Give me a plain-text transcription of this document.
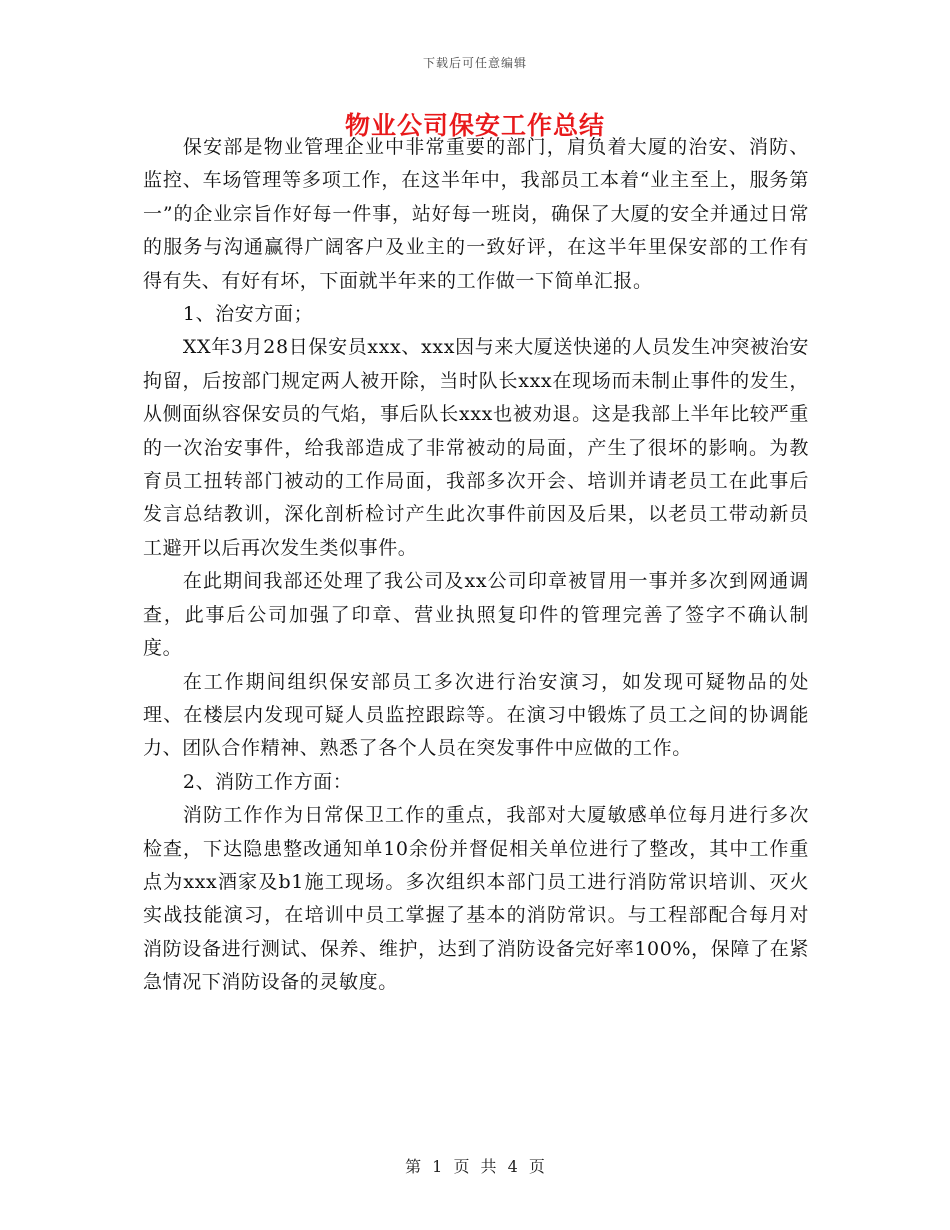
下载后可任意编辑
物业公司保安工作总结

保安部是物业管理企业中非常重要的部门，肩负着大厦的治安、消防、监控、车场管理等多项工作，在这半年中，我部员工本着“业主至上，服务第一”的企业宗旨作好每一件事，站好每一班岗，确保了大厦的安全并通过日常的服务与沟通赢得广阔客户及业主的一致好评，在这半年里保安部的工作有得有失、有好有坏，下面就半年来的工作做一下简单汇报。

1、治安方面；

XX年3月28日保安员xxx、xxx因与来大厦送快递的人员发生冲突被治安拘留，后按部门规定两人被开除，当时队长xxx在现场而未制止事件的发生，从侧面纵容保安员的气焰，事后队长xxx也被劝退。这是我部上半年比较严重的一次治安事件，给我部造成了非常被动的局面，产生了很坏的影响。为教育员工扭转部门被动的工作局面，我部多次开会、培训并请老员工在此事后发言总结教训，深化剖析检讨产生此次事件前因及后果，以老员工带动新员工避开以后再次发生类似事件。

在此期间我部还处理了我公司及xx公司印章被冒用一事并多次到网通调查，此事后公司加强了印章、营业执照复印件的管理完善了签字不确认制度。

在工作期间组织保安部员工多次进行治安演习，如发现可疑物品的处理、在楼层内发现可疑人员监控跟踪等。在演习中锻炼了员工之间的协调能力、团队合作精神、熟悉了各个人员在突发事件中应做的工作。

2、消防工作方面：

消防工作作为日常保卫工作的重点，我部对大厦敏感单位每月进行多次检查，下达隐患整改通知单10余份并督促相关单位进行了整改，其中工作重点为xxx酒家及b1施工现场。多次组织本部门员工进行消防常识培训、灭火实战技能演习，在培训中员工掌握了基本的消防常识。与工程部配合每月对消防设备进行测试、保养、维护，达到了消防设备完好率100%，保障了在紧急情况下消防设备的灵敏度。

第 1 页 共 4 页
